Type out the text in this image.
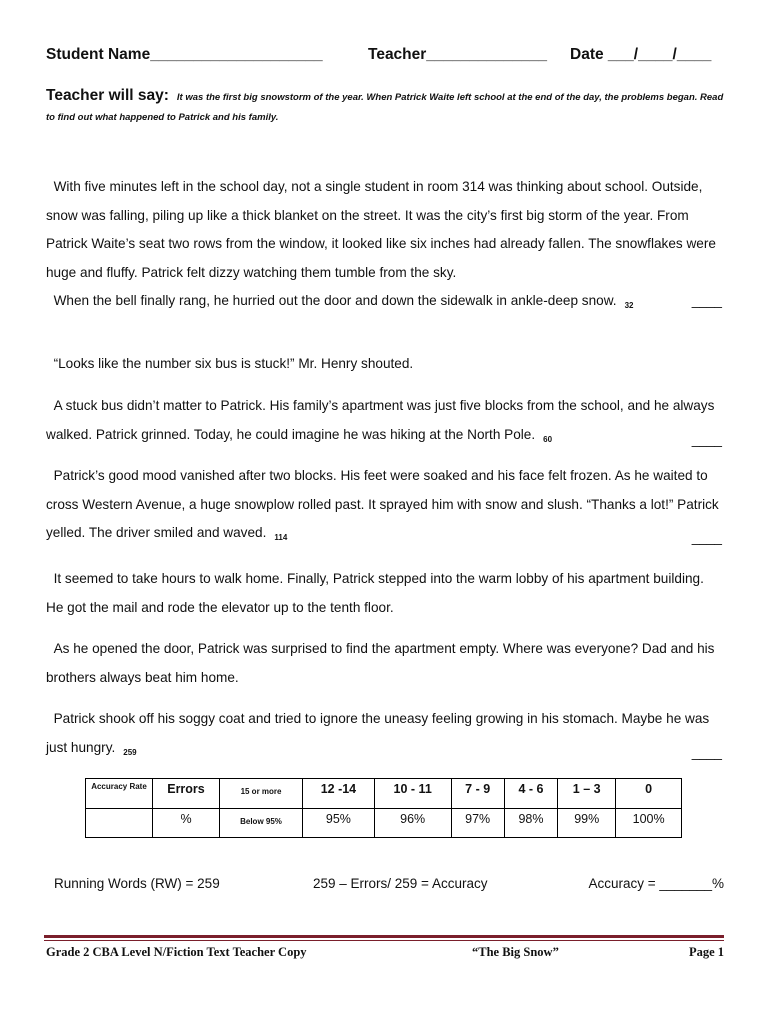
Student Name____________________	Teacher______________ Date ___/____/____
Teacher will say: It was the first big snowstorm of the year. When Patrick Waite left school at the end of the day, the problems began. Read to find out what happened to Patrick and his family.
With five minutes left in the school day, not a single student in room 314 was thinking about school. Outside, snow was falling, piling up like a thick blanket on the street. It was the city’s first big storm of the year. From Patrick Waite’s seat two rows from the window, it looked like six inches had already fallen. The snowflakes were huge and fluffy. Patrick felt dizzy watching them tumble from the sky.
When the bell finally rang, he hurried out the door and down the sidewalk in ankle-deep snow. $_{32}$	____
“Looks like the number six bus is stuck!” Mr. Henry shouted.
A stuck bus didn’t matter to Patrick. His family’s apartment was just five blocks from the school, and he always walked. Patrick grinned. Today, he could imagine he was hiking at the North Pole. $_{60}$	____
Patrick’s good mood vanished after two blocks. His feet were soaked and his face felt frozen. As he waited to cross Western Avenue, a huge snowplow rolled past. It sprayed him with snow and slush. “Thanks a lot!” Patrick yelled. The driver smiled and waved. $_{114}$	____
It seemed to take hours to walk home. Finally, Patrick stepped into the warm lobby of his apartment building. He got the mail and rode the elevator up to the tenth floor.
As he opened the door, Patrick was surprised to find the apartment empty. Where was everyone? Dad and his brothers always beat him home.
Patrick shook off his soggy coat and tried to ignore the uneasy feeling growing in his stomach. Maybe he was just hungry. $_{259}$	____
Accuracy Rate	Errors	15 or more	12 -14	10 - 11	7 - 9	4 - 6	1 – 3	0
	%	Below 95%	95%	96%	97%	98%	99%	100%
Running Words (RW) = 259	259 – Errors/ 259 = Accuracy	Accuracy = _______%
Grade 2 CBA Level N/Fiction Text Teacher Copy	“The Big Snow”	Page 1
